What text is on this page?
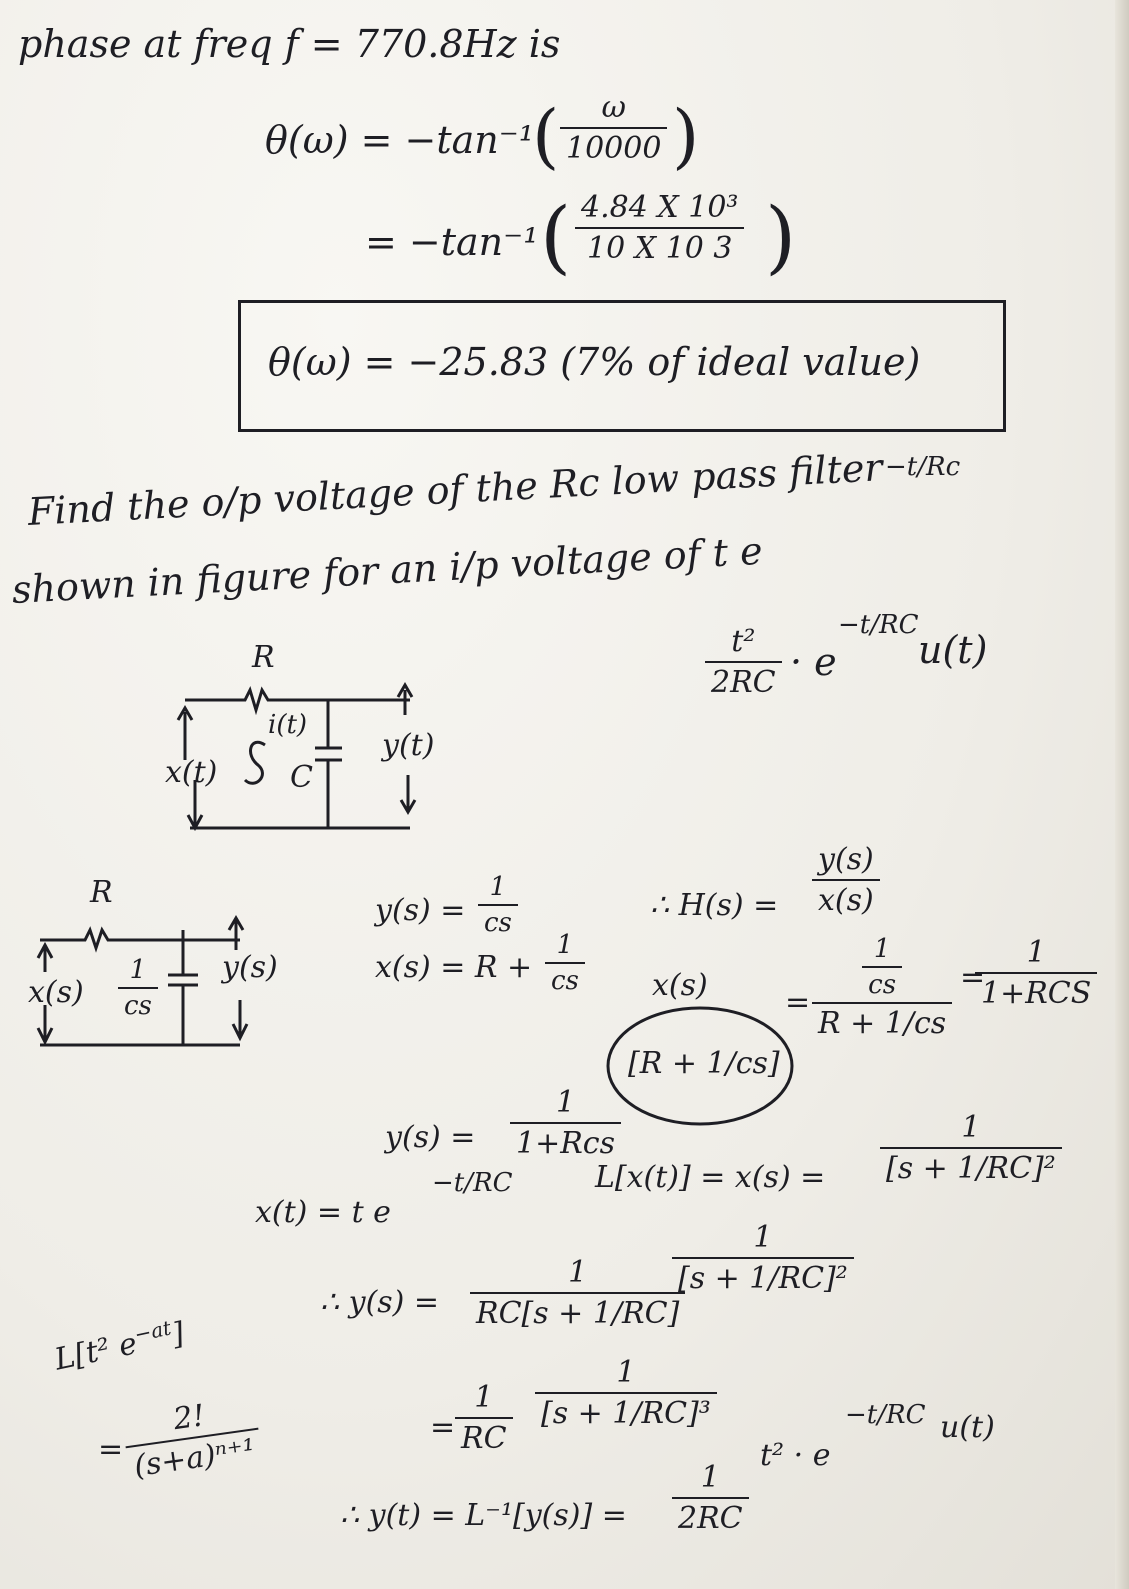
phase at freq f = 770.8Hz is
θ(ω) = −tan⁻¹
( ω
10000 )
= −tan⁻¹ ( 4.84 X 10³
10 X 10 3 )
θ(ω) = −25.83 (7% of ideal value)
Find the o/p voltage of the Rc low pass filter
shown in figure for an i/p voltage of t e
−t/Rc
t²
2RC · e
−t/RC
u(t)
R
i(t)
x(t) C
y(t)
R
x(s)
1
cs
y(s)
y(s) =
1
cs
x(s) = R +
1
cs
∴ H(s) =
y(s)
x(s)
x(s)	=
$\frac{1}{cs}$
R + 1/cs
=
1
1+RCS
[R + 1/cs]
y(s) =
1
1+Rcs
x(t) = t e
−t/RC	L[x(t)] = x(s) =
1
[s + 1/RC]²
∴ y(s) =
1
RC[s + 1/RC]
1
[s + 1/RC]²
=
1
RC
1
[s + 1/RC]³
∴ y(t) = L⁻¹[y(s)] =
1
2RC
t² · e
−t/RC u(t)
L[t² $e^{-at}$]
=
2!
(s+a)ⁿ⁺¹
